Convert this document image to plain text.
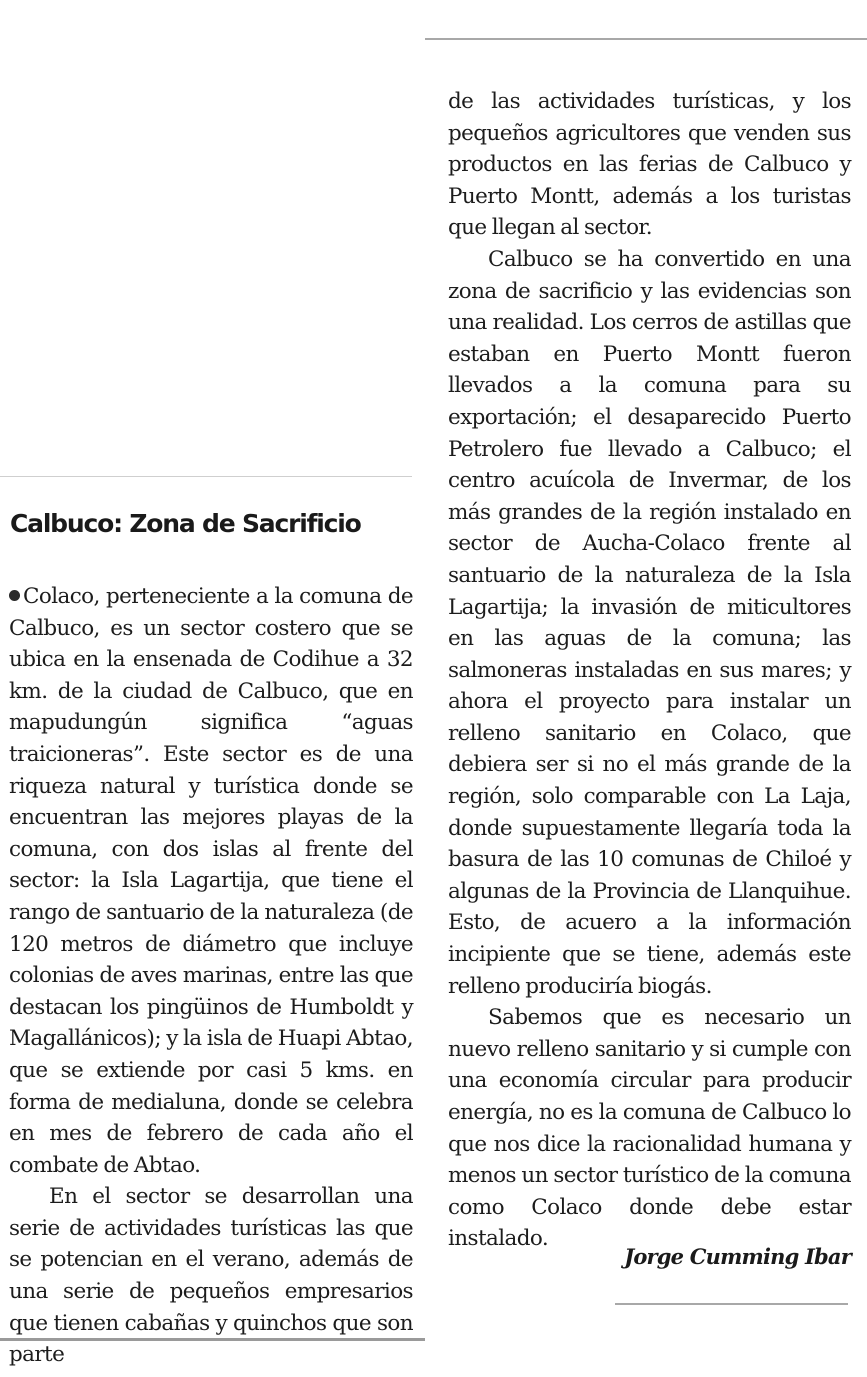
Calbuco: Zona de Sacrificio

Colaco, perteneciente a la comuna de Calbuco, es un sector costero que se ubica en la ensenada de Codihue a 32 km. de la ciudad de Calbuco, que en mapudungún significa “aguas traicioneras”. Este sector es de una riqueza natural y turística donde se encuentran las mejores playas de la comuna, con dos islas al frente del sector: la Isla Lagartija, que tiene el rango de santuario de la naturaleza (de 120 metros de diámetro que incluye colonias de aves marinas, entre las que destacan los pingüinos de Humboldt y Magallánicos); y la isla de Huapi Abtao, que se extiende por casi 5 kms. en forma de medialuna, donde se celebra en mes de febrero de cada año el combate de Abtao.

En el sector se desarrollan una serie de actividades turísticas las que se potencian en el verano, además de una serie de pequeños empresarios que tienen cabañas y quinchos que son parte

de las actividades turísticas, y los pequeños agricultores que venden sus productos en las ferias de Calbuco y Puerto Montt, además a los turistas que llegan al sector.

Calbuco se ha convertido en una zona de sacrificio y las evidencias son una realidad. Los cerros de astillas que estaban en Puerto Montt fueron llevados a la comuna para su exportación; el desaparecido Puerto Petrolero fue llevado a Calbuco; el centro acuícola de Invermar, de los más grandes de la región instalado en sector de Aucha-Colaco frente al santuario de la naturaleza de la Isla Lagartija; la invasión de miticultores en las aguas de la comuna; las salmoneras instaladas en sus mares; y ahora el proyecto para instalar un relleno sanitario en Colaco, que debiera ser si no el más grande de la región, solo comparable con La Laja, donde supuestamente llegaría toda la basura de las 10 comunas de Chiloé y algunas de la Provincia de Llanquihue. Esto, de acuero a la información incipiente que se tiene, además este relleno produciría biogás.

Sabemos que es necesario un nuevo relleno sanitario y si cumple con una economía circular para producir energía, no es la comuna de Calbuco lo que nos dice la racionalidad humana y menos un sector turístico de la comuna como Colaco donde debe estar instalado.

Jorge Cumming Ibar
